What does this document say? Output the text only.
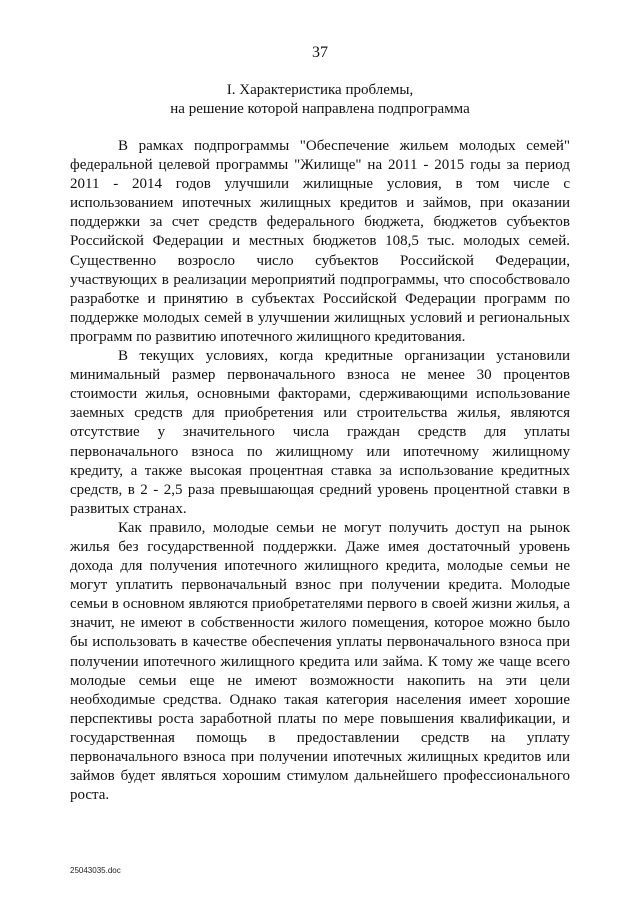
37
I. Характеристика проблемы,
на решение которой направлена подпрограмма

В рамках подпрограммы "Обеспечение жильем молодых семей" федеральной целевой программы "Жилище" на 2011 - 2015 годы за период 2011 - 2014 годов улучшили жилищные условия, в том числе с использованием ипотечных жилищных кредитов и займов, при оказании поддержки за счет средств федерального бюджета, бюджетов субъектов Российской Федерации и местных бюджетов 108,5 тыс. молодых семей. Существенно возросло число субъектов Российской Федерации, участвующих в реализации мероприятий подпрограммы, что способствовало разработке и принятию в субъектах Российской Федерации программ по поддержке молодых семей в улучшении жилищных условий и региональных программ по развитию ипотечного жилищного кредитования.

В текущих условиях, когда кредитные организации установили минимальный размер первоначального взноса не менее 30 процентов стоимости жилья, основными факторами, сдерживающими использование заемных средств для приобретения или строительства жилья, являются отсутствие у значительного числа граждан средств для уплаты первоначального взноса по жилищному или ипотечному жилищному кредиту, а также высокая процентная ставка за использование кредитных средств, в 2 - 2,5 раза превышающая средний уровень процентной ставки в развитых странах.

Как правило, молодые семьи не могут получить доступ на рынок жилья без государственной поддержки. Даже имея достаточный уровень дохода для получения ипотечного жилищного кредита, молодые семьи не могут уплатить первоначальный взнос при получении кредита. Молодые семьи в основном являются приобретателями первого в своей жизни жилья, а значит, не имеют в собственности жилого помещения, которое можно было бы использовать в качестве обеспечения уплаты первоначального взноса при получении ипотечного жилищного кредита или займа. К тому же чаще всего молодые семьи еще не имеют возможности накопить на эти цели необходимые средства. Однако такая категория населения имеет хорошие перспективы роста заработной платы по мере повышения квалификации, и государственная помощь в предоставлении средств на уплату первоначального взноса при получении ипотечных жилищных кредитов или займов будет являться хорошим стимулом дальнейшего профессионального роста.

25043035.doc
